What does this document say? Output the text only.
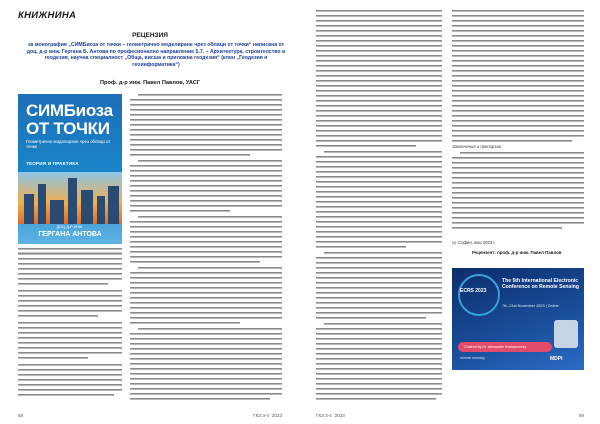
КНИЖНИНА
РЕЦЕНЗИЯ
за монография „СИМБиоза от точки – геометрично моделиране чрез облаци от точки“ написана от доц. д-р инж. Гергана Б. Антова по професионално направление 5.7. – Архитектура, строителство и геодезия, научна специалност „Обща, висша и приложна геодезия“ (клон „Геодезия и геоинформатика“)
Проф. д-р инж. Павел Павлов, УАСГ
СИМБиоза
ОТ ТОЧКИ
Геометрично моделиране чрез облаци от точки
ТЕОРИЯ И ПРАКТИКА
ДОЦ. Д-Р ИНЖ.
ГЕРГАНА АНТОВА
58	ГКЗ 3-4 ´2023
Заключение и препоръки
гр. София, юни 2023 г.
Рецензент: проф. д-р инж. Павел Павлов
ECRS 2023
The 5th International Electronic Conference on Remote Sensing
7th–21st November 2023 | Online
Chaired by Dr. Alexander Kokhanovsky
remote sensing	MDPI
ГКЗ 3-4 ´2023	59
